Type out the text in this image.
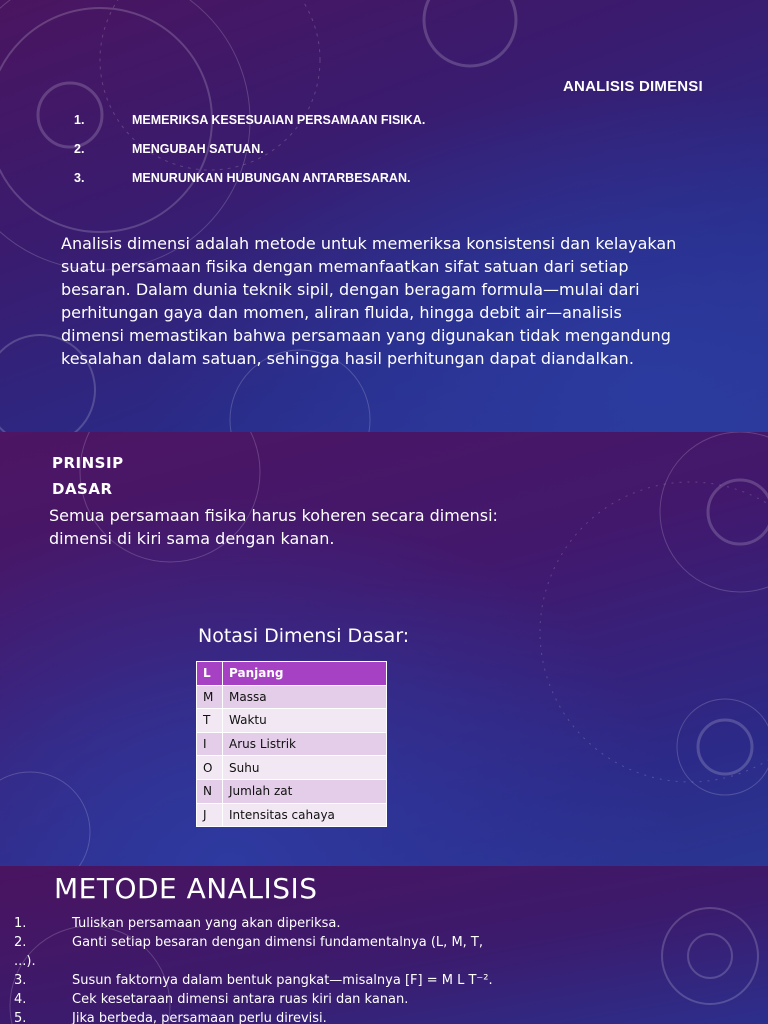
ANALISIS DIMENSI
1.	MEMERIKSA KESESUAIAN PERSAMAAN FISIKA.
2.	MENGUBAH SATUAN.
3.	MENURUNKAN HUBUNGAN ANTARBESARAN.
Analisis dimensi adalah metode untuk memeriksa konsistensi dan kelayakan suatu persamaan fisika dengan memanfaatkan sifat satuan dari setiap besaran. Dalam dunia teknik sipil, dengan beragam formula—mulai dari perhitungan gaya dan momen, aliran fluida, hingga debit air—analisis dimensi memastikan bahwa persamaan yang digunakan tidak mengandung kesalahan dalam satuan, sehingga hasil perhitungan dapat diandalkan.
PRINSIP
DASAR
Semua persamaan fisika harus koheren secara dimensi:
dimensi di kiri sama dengan kanan.
Notasi Dimensi Dasar:
L	Panjang
M	Massa
T	Waktu
I	Arus Listrik
O	Suhu
N	Jumlah zat
J	Intensitas cahaya
METODE ANALISIS
1.	Tuliskan persamaan yang akan diperiksa.
2.	Ganti setiap besaran dengan dimensi fundamentalnya (L, M, T,
...).
3.	Susun faktornya dalam bentuk pangkat—misalnya [F] = M L T⁻².
4.	Cek kesetaraan dimensi antara ruas kiri dan kanan.
5.	Jika berbeda, persamaan perlu direvisi.
